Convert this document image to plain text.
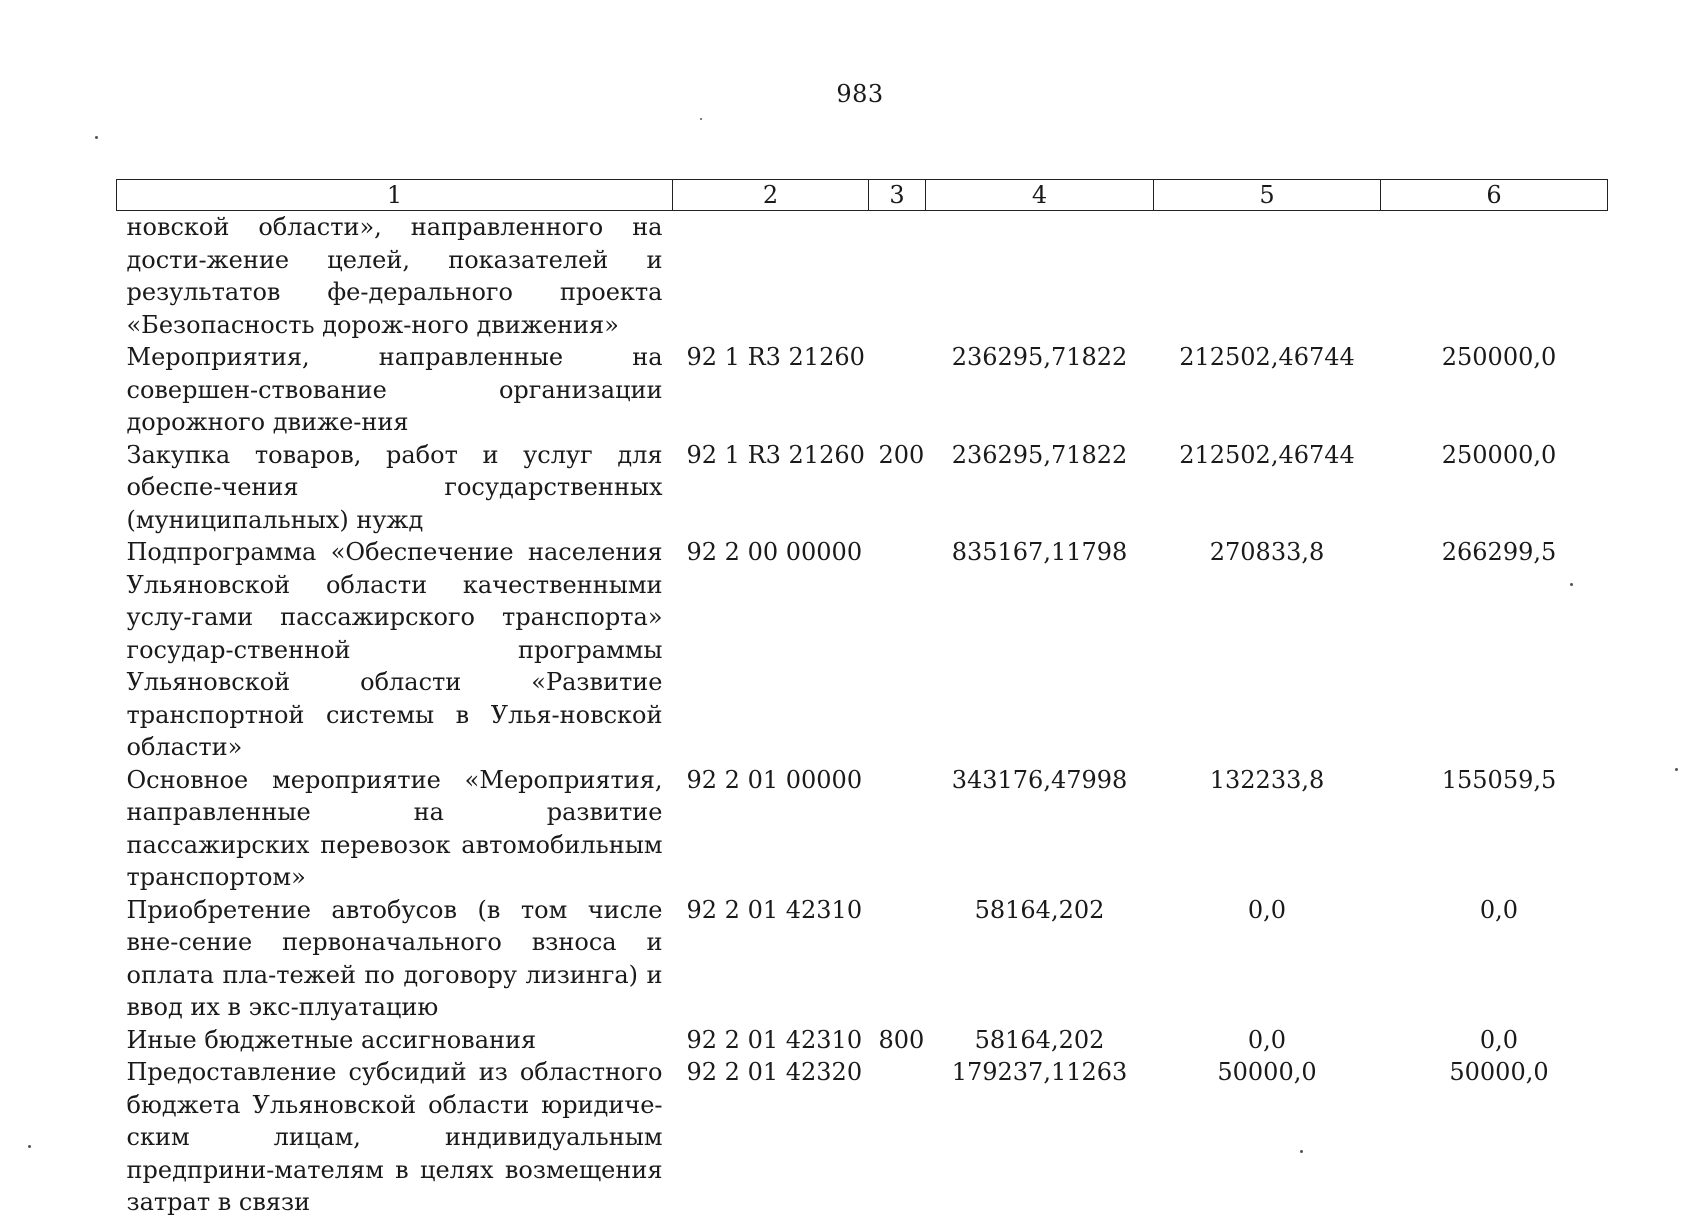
983
1	2	3	4	5	6
новской области», направленного на дости-жение целей, показателей и результатов фе-дерального проекта «Безопасность дорож-ного движения»					
Мероприятия, направленные на совершен-ствование организации дорожного движе-ния	92 1 R3 21260		236295,71822	212502,46744	250000,0
Закупка товаров, работ и услуг для обеспе-чения государственных (муниципальных) нужд	92 1 R3 21260	200	236295,71822	212502,46744	250000,0
Подпрограмма «Обеспечение населения Ульяновской области качественными услу-гами пассажирского транспорта» государ-ственной программы Ульяновской области «Развитие транспортной системы в Улья-новской области»	92 2 00 00000		835167,11798	270833,8	266299,5
Основное мероприятие «Мероприятия, направленные на развитие пассажирских перевозок автомобильным транспортом»	92 2 01 00000		343176,47998	132233,8	155059,5
Приобретение автобусов (в том числе вне-сение первоначального взноса и оплата пла-тежей по договору лизинга) и ввод их в экс-плуатацию	92 2 01 42310		58164,202	0,0	0,0
Иные бюджетные ассигнования	92 2 01 42310	800	58164,202	0,0	0,0
Предоставление субсидий из областного бюджета Ульяновской области юридиче-ским лицам, индивидуальным предприни-мателям в целях возмещения затрат в связи	92 2 01 42320		179237,11263	50000,0	50000,0
